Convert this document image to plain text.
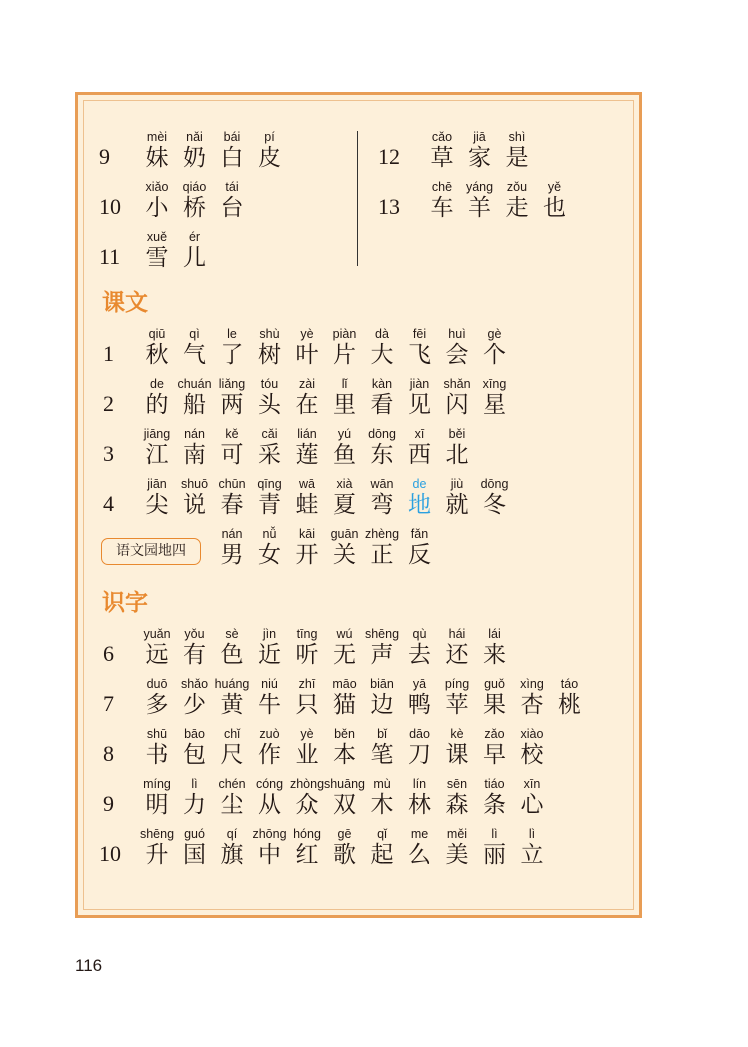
9
mèi
妹
nǎi
奶
bái
白
pí
皮
10
xiǎo
小
qiáo
桥
tái
台
11
xuě
雪
ér
儿
12
cǎo
草
jiā
家
shì
是
13
chē
车
yáng
羊
zǒu
走
yě
也
课文
1
qiū
秋
qì
气
le
了
shù
树
yè
叶
piàn
片
dà
大
fēi
飞
huì
会
gè
个
2
de
的
chuán
船
liǎng
两
tóu
头
zài
在
lǐ
里
kàn
看
jiàn
见
shǎn
闪
xīng
星
3
jiāng
江
nán
南
kě
可
cǎi
采
lián
莲
yú
鱼
dōng
东
xī
西
běi
北
4
jiān
尖
shuō
说
chūn
春
qīng
青
wā
蛙
xià
夏
wān
弯
de
地
jiù
就
dōng
冬
语文园地四
nán
男
nǚ
女
kāi
开
guān
关
zhèng
正
fǎn
反
识字
6
yuǎn
远
yǒu
有
sè
色
jìn
近
tīng
听
wú
无
shēng
声
qù
去
hái
还
lái
来
7
duō
多
shǎo
少
huáng
黄
niú
牛
zhī
只
māo
猫
biān
边
yā
鸭
píng
苹
guǒ
果
xìng
杏
táo
桃
8
shū
书
bāo
包
chǐ
尺
zuò
作
yè
业
běn
本
bǐ
笔
dāo
刀
kè
课
zǎo
早
xiào
校
9
míng
明
lì
力
chén
尘
cóng
从
zhòng
众
shuāng
双
mù
木
lín
林
sēn
森
tiáo
条
xīn
心
10
shēng
升
guó
国
qí
旗
zhōng
中
hóng
红
gē
歌
qǐ
起
me
么
měi
美
lì
丽
lì
立
116
